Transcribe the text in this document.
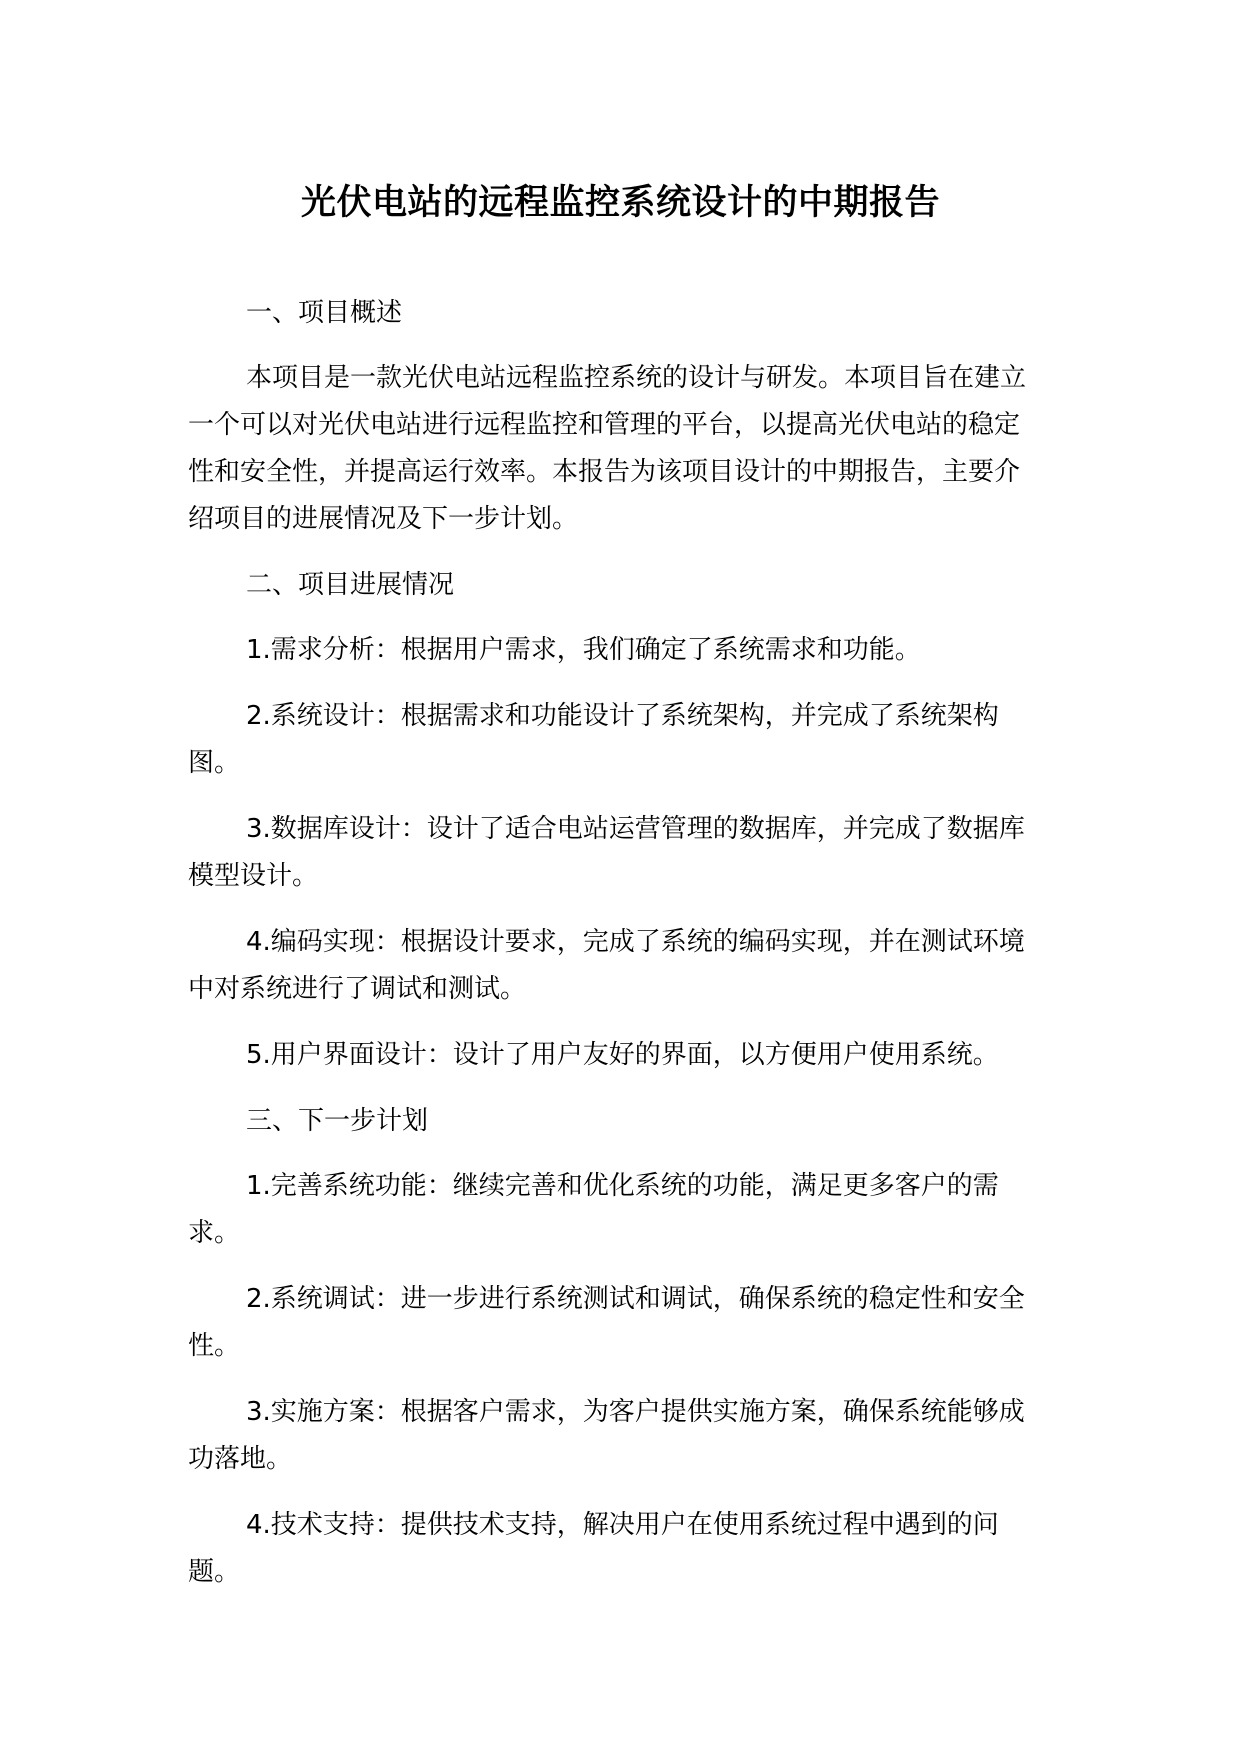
光伏电站的远程监控系统设计的中期报告

一、项目概述

本项目是一款光伏电站远程监控系统的设计与研发。本项目旨在建立一个可以对光伏电站进行远程监控和管理的平台，以提高光伏电站的稳定性和安全性，并提高运行效率。本报告为该项目设计的中期报告，主要介绍项目的进展情况及下一步计划。

二、项目进展情况

1.需求分析：根据用户需求，我们确定了系统需求和功能。

2.系统设计：根据需求和功能设计了系统架构，并完成了系统架构图。

3.数据库设计：设计了适合电站运营管理的数据库，并完成了数据库模型设计。

4.编码实现：根据设计要求，完成了系统的编码实现，并在测试环境中对系统进行了调试和测试。

5.用户界面设计：设计了用户友好的界面，以方便用户使用系统。

三、下一步计划

1.完善系统功能：继续完善和优化系统的功能，满足更多客户的需求。

2.系统调试：进一步进行系统测试和调试，确保系统的稳定性和安全性。

3.实施方案：根据客户需求，为客户提供实施方案，确保系统能够成功落地。

4.技术支持：提供技术支持，解决用户在使用系统过程中遇到的问题。
